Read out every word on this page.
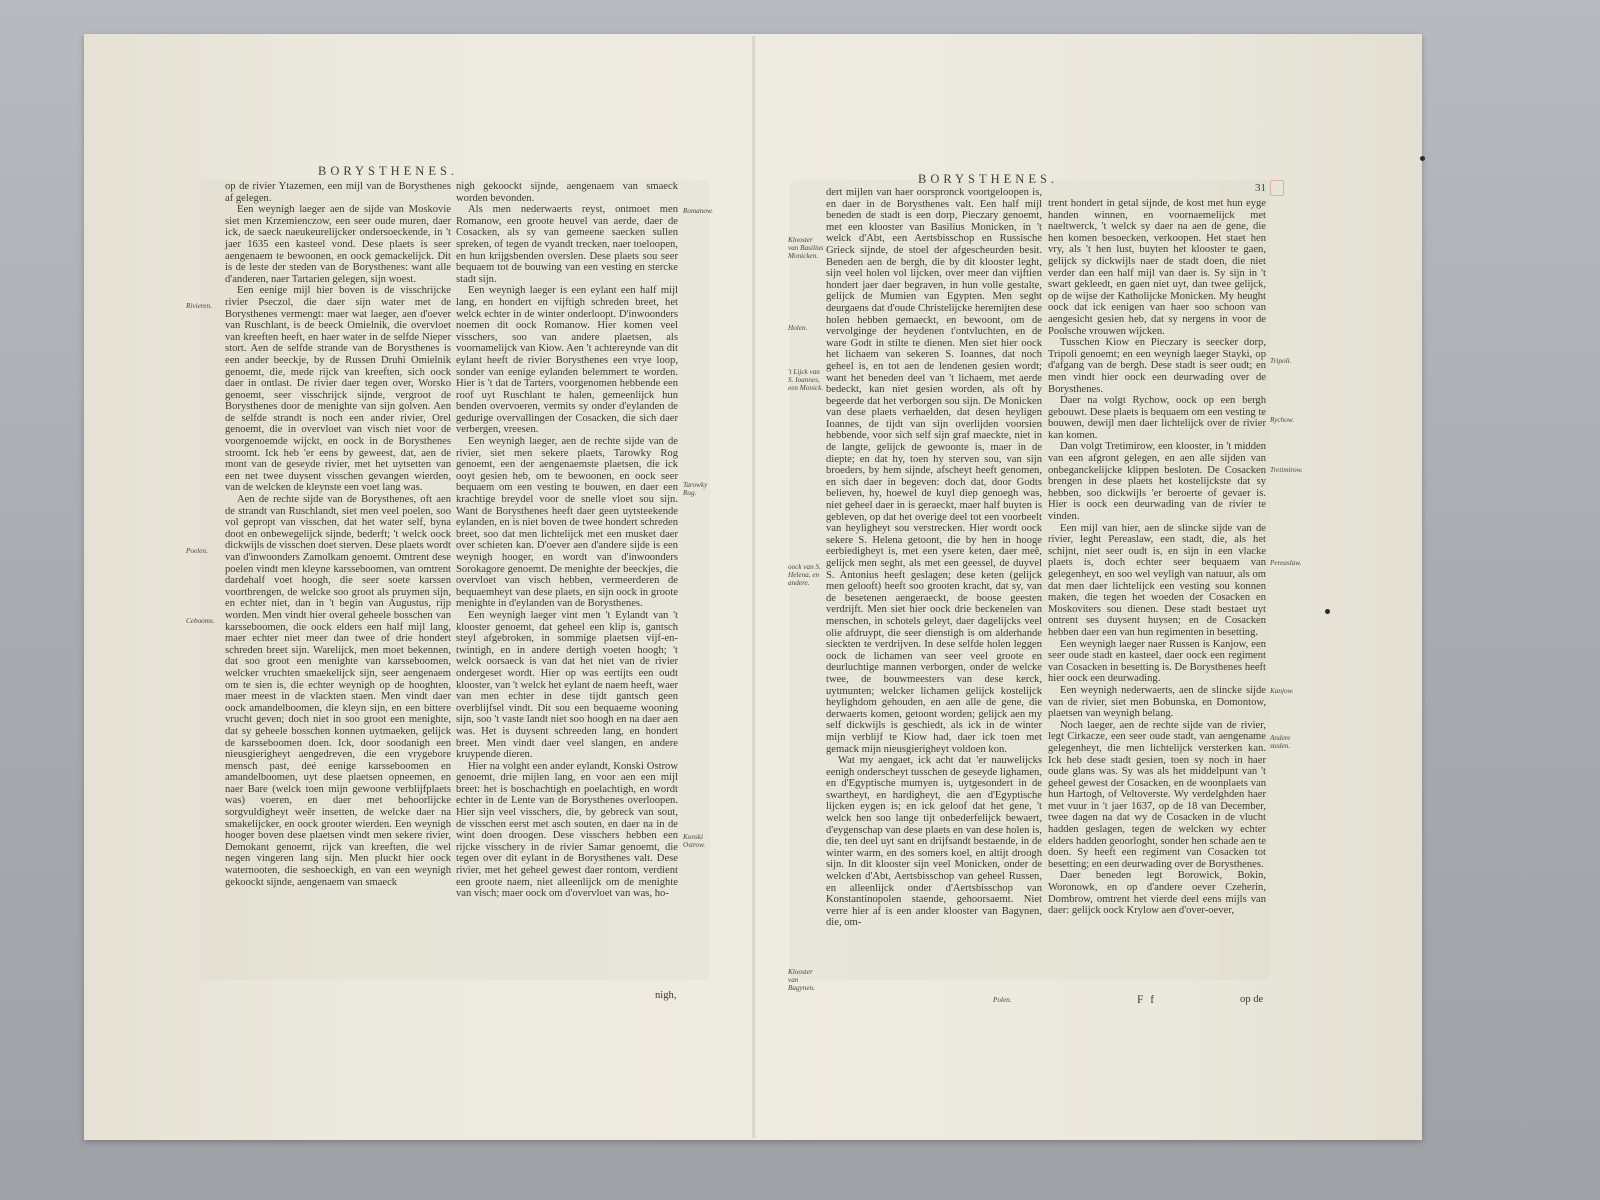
BORYSTHENES.

op de rivier Ytazemen, een mijl van de Borysthenes af gelegen.

Een weynigh laeger aen de sijde van Moskovie siet men Krzemienczow, een seer oude muren, daer ick, de saeck naeukeurelijcker ondersoeckende, in 't jaer 1635 een kasteel vond. Dese plaets is seer aengenaem te bewoonen, en oock gemackelijck. Dit is de leste der steden van de Borysthenes: want alle d'anderen, naer Tartarien gelegen, sijn woest.

Een eenige mijl hier boven is de visschrijcke rivier Pseczol, die daer sijn water met de Borysthenes vermengt: maer wat laeger, aen d'oever van Ruschlant, is de beeck Omielnik, die overvloet van kreeften heeft, en haer water in de selfde Nieper stort. Aen de selfde strande van de Borysthenes is een ander beeckje, by de Russen Druhi Omielnik genoemt, die, mede rijck van kreeften, sich oock daer in ontlast. De rivier daer tegen over, Worsko genoemt, seer visschrijck sijnde, vergroot de Borysthenes door de menighte van sijn golven. Aen de selfde strandt is noch een ander rivier, Orel genoemt, die in overvloet van visch niet voor de voorgenoemde wijckt, en oock in de Borysthenes stroomt. Ick heb 'er eens by geweest, dat, aen de mont van de geseyde rivier, met het uytsetten van een net twee duysent visschen gevangen wierden, van de welcken de kleynste een voet lang was.

Aen de rechte sijde van de Borysthenes, oft aen de strandt van Ruschlandt, siet men veel poelen, soo vol gepropt van visschen, dat het water self, byna doot en onbewegelijck sijnde, bederft; 't welck oock dickwijls de visschen doet sterven. Dese plaets wordt van d'inwoonders Zamolkam genoemt. Omtrent dese poelen vindt men kleyne karsseboomen, van omtrent dardehalf voet hoogh, die seer soete karssen voortbrengen, de welcke soo groot als pruymen sijn, en echter niet, dan in 't begin van Augustus, rijp worden. Men vindt hier overal geheele bosschen van karsseboomen, die oock elders een half mijl lang, maer echter niet meer dan twee of drie hondert schreden breet sijn. Warelijck, men moet bekennen, dat soo groot een menighte van karsseboomen, welcker vruchten smaekelijck sijn, seer aengenaem om te sien is, die echter weynigh op de hooghten, maer meest in de vlackten staen. Men vindt daer oock amandelboomen, die kleyn sijn, en een bittere vrucht geven; doch niet in soo groot een menighte, dat sy geheele bosschen konnen uytmaeken, gelijck de karsseboomen doen. Ick, door soodanigh een nieusgierigheyt aengedreven, die een vrygebore mensch past, deé eenige karsseboomen en amandelboomen, uyt dese plaetsen opneemen, en naer Bare (welck toen mijn gewoone verblijfplaets was) voeren, en daer met behoorlijcke sorgvuldigheyt weêr insetten, de welcke daer na smakelijcker, en oock grooter wierden. Een weynigh hooger boven dese plaetsen vindt men sekere rivier, Demokant genoemt, rijck van kreeften, die wel negen vingeren lang sijn. Men pluckt hier oock waternooten, die seshoeckigh, en van een weynigh gekoockt sijnde, aengenaem van smaeck

nigh gekoockt sijnde, aengenaem van smaeck worden bevonden.

Als men nederwaerts reyst, ontmoet men Romanow, een groote heuvel van aerde, daer de Cosacken, als sy van gemeene saecken sullen spreken, of tegen de vyandt trecken, naer toeloopen, en hun krijgsbenden overslen. Dese plaets sou seer bequaem tot de bouwing van een vesting en stercke stadt sijn.

Een weynigh laeger is een eylant een half mijl lang, en hondert en vijftigh schreden breet, het welck echter in de winter onderloopt. D'inwoonders noemen dit oock Romanow. Hier komen veel visschers, soo van andere plaetsen, als voornamelijck van Kiow. Aen 't achtereynde van dit eylant heeft de rivier Borysthenes een vrye loop, sonder van eenige eylanden belemmert te worden. Hier is 't dat de Tarters, voorgenomen hebbende een roof uyt Ruschlant te halen, gemeenlijck hun benden overvoeren, vermits sy onder d'eylanden de gedurige overvallingen der Cosacken, die sich daer verbergen, vreesen.

Een weynigh laeger, aen de rechte sijde van de rivier, siet men sekere plaets, Tarowky Rog genoemt, een der aengenaemste plaetsen, die ick ooyt gesien heb, om te bewoonen, en oock seer bequaem om een vesting te bouwen, en daer een krachtige breydel voor de snelle vloet sou sijn. Want de Borysthenes heeft daer geen uytsteekende eylanden, en is niet boven de twee hondert schreden breet, soo dat men lichtelijck met een musket daer over schieten kan. D'oever aen d'andere sijde is een weynigh hooger, en wordt van d'inwoonders Sorokagore genoemt. De menighte der beeckjes, die overvloet van visch hebben, vermeerderen de bequaemheyt van dese plaets, en sijn oock in groote menighte in d'eylanden van de Borysthenes.

Een weynigh laeger vint men 't Eylandt van 't klooster genoemt, dat geheel een klip is, gantsch steyl afgebroken, in sommige plaetsen vijf-en-twintigh, en in andere dertigh voeten hoogh; 't welck oorsaeck is van dat het niet van de rivier ondergeset wordt. Hier op was eertijts een oudt klooster, van 't welck het eylant de naem heeft, waer van men echter in dese tijdt gantsch geen overblijfsel vindt. Dit sou een bequaeme wooning sijn, soo 't vaste landt niet soo hoogh en na daer aen was. Het is duysent schreeden lang, en hondert breet. Men vindt daer veel slangen, en andere kruypende dieren.

Hier na volght een ander eylandt, Konski Ostrow genoemt, drie mijlen lang, en voor aen een mijl breet: het is boschachtigh en poelachtigh, en wordt echter in de Lente van de Borysthenes overloopen. Hier sijn veel visschers, die, by gebreck van sout, de visschen eerst met asch souten, en daer na in de wint doen droogen. Dese visschers hebben een rijcke visschery in de rivier Samar genoemt, die tegen over dit eylant in de Borysthenes valt. Dese rivier, met het geheel gewest daer rontom, verdient een groote naem, niet alleenlijck om de menighte van visch; maer oock om d'overvloet van was, ho-

nigh,
Rivieren.
Poelen.
Cebooms.
Romanow.
Tarowky Rog.
Konski Ostrow.
BORYSTHENES.
31

dert mijlen van haer oorspronck voortgeloopen is, en daer in de Borysthenes valt. Een half mijl beneden de stadt is een dorp, Pieczary genoemt, met een klooster van Basilius Monicken, in 't welck d'Abt, een Aertsbisschop en Russische Grieck sijnde, de stoel der afgescheurden besit. Beneden aen de bergh, die by dit klooster leght, sijn veel holen vol lijcken, over meer dan vijftien hondert jaer daer begraven, in hun volle gestalte, gelijck de Mumien van Egypten. Men seght deurgaens dat d'oude Christelijcke heremijten dese holen hebben gemaeckt, en bewoont, om de vervolginge der heydenen t'ontvluchten, en de ware Godt in stilte te dienen. Men siet hier oock het lichaem van sekeren S. Ioannes, dat noch geheel is, en tot aen de lendenen gesien wordt; want het beneden deel van 't lichaem, met aerde bedeckt, kan niet gesien worden, als oft hy begeerde dat het verborgen sou sijn. De Monicken van dese plaets verhaelden, dat desen heyligen Ioannes, de tijdt van sijn overlijden voorsien hebbende, voor sich self sijn graf maeckte, niet in de langte, gelijck de gewoonte is, maer in de diepte; en dat hy, toen hy sterven sou, van sijn broeders, by hem sijnde, afscheyt heeft genomen, en sich daer in begeven: doch dat, door Godts believen, hy, hoewel de kuyl diep genoegh was, niet geheel daer in is geraeckt, maer half buyten is gebleven, op dat het overige deel tot een voorbeelt van heyligheyt sou verstrecken. Hier wordt oock sekere S. Helena getoont, die by hen in hooge eerbiedigheyt is, met een ysere keten, daer meê, gelijck men seght, als met een geessel, de duyvel S. Antonius heeft geslagen; dese keten (gelijck men gelooft) heeft soo grooten kracht, dat sy, van de besetenen aengeraeckt, de boose geesten verdrijft. Men siet hier oock drie beckenelen van menschen, in schotels geleyt, daer dagelijcks veel olie afdruypt, die seer dienstigh is om alderhande sieckten te verdrijven. In dese selfde holen leggen oock de lichamen van seer veel groote en deurluchtige mannen verborgen, onder de welcke twee, de bouwmeesters van dese kerck, uytmunten; welcker lichamen gelijck kostelijck heylighdom gehouden, en aen alle de gene, die derwaerts komen, getoont worden; gelijck aen my self dickwijls is geschiedt, als ick in de winter mijn verblijf te Kiow had, daer ick toen met gemack mijn nieusgierigheyt voldoen kon.

Wat my aengaet, ick acht dat 'er nauwelijcks eenigh onderscheyt tusschen de geseyde lighamen, en d'Egyptische mumyen is, uytgesondert in de swartheyt, en hardigheyt, die aen d'Egyptische lijcken eygen is; en ick geloof dat het gene, 't welck hen soo lange tijt onbederfelijck bewaert, d'eygenschap van dese plaets en van dese holen is, die, ten deel uyt sant en drijfsandt bestaende, in de winter warm, en des somers koel, en altijt droogh sijn. In dit klooster sijn veel Monicken, onder de welcken d'Abt, Aertsbisschop van geheel Russen, en alleenlijck onder d'Aertsbisschop van Konstantinopolen staende, gehoorsaemt. Niet verre hier af is een ander klooster van Bagynen, die, om-

trent hondert in getal sijnde, de kost met hun eyge handen winnen, en voornaemelijck met naeltwerck, 't welck sy daer na aen de gene, die hen komen besoecken, verkoopen. Het staet hen vry, als 't hen lust, buyten het klooster te gaen, gelijck sy dickwijls naer de stadt doen, die niet verder dan een half mijl van daer is. Sy sijn in 't swart gekleedt, en gaen niet uyt, dan twee gelijck, op de wijse der Katholijcke Monicken. My heught oock dat ick eenigen van haer soo schoon van aengesicht gesien heb, dat sy nergens in voor de Poolsche vrouwen wijcken.

Tusschen Kiow en Pieczary is seecker dorp, Tripoli genoemt; en een weynigh laeger Stayki, op d'afgang van de bergh. Dese stadt is seer oudt; en men vindt hier oock een deurwading over de Borysthenes.

Daer na volgt Rychow, oock op een bergh gebouwt. Dese plaets is bequaem om een vesting te bouwen, dewijl men daer lichtelijck over de rivier kan komen.

Dan volgt Tretimirow, een klooster, in 't midden van een afgront gelegen, en aen alle sijden van onbeganckelijcke klippen besloten. De Cosacken brengen in dese plaets het kostelijckste dat sy hebben, soo dickwijls 'er beroerte of gevaer is. Hier is oock een deurwading van de rivier te vinden.

Een mijl van hier, aen de slincke sijde van de rivier, leght Pereaslaw, een stadt, die, als het schijnt, niet seer oudt is, en sijn in een vlacke plaets is, doch echter seer bequaem van gelegenheyt, en soo wel veyligh van natuur, als om dat men daer lichtelijck een vesting sou konnen maken, die tegen het woeden der Cosacken en Moskoviters sou dienen. Dese stadt bestaet uyt ontrent ses duysent huysen; en de Cosacken hebben daer een van hun regimenten in besetting.

Een weynigh laeger naer Russen is Kanjow, een seer oude stadt en kasteel, daer oock een regiment van Cosacken in besetting is. De Borysthenes heeft hier oock een deurwading.

Een weynigh nederwaerts, aen de slincke sijde van de rivier, siet men Bobunska, en Domontow, plaetsen van weynigh belang.

Noch laeger, aen de rechte sijde van de rivier, legt Cirkacze, een seer oude stadt, van aengename gelegenheyt, die men lichtelijck versterken kan. Ick heb dese stadt gesien, toen sy noch in haer oude glans was. Sy was als het middelpunt van 't geheel gewest der Cosacken, en de woonplaets van hun Hartogh, of Veltoverste. Wy verdelghden haer met vuur in 't jaer 1637, op de 18 van December, twee dagen na dat wy de Cosacken in de vlucht hadden geslagen, tegen de welcken wy echter elders hadden geoorloght, sonder hen schade aen te doen. Sy heeft een regiment van Cosacken tot besetting; en een deurwading over de Borysthenes.

Daer beneden legt Borowick, Bokin, Woronowk, en op d'andere oever Czeherin, Dombrow, omtrent het vierde deel eens mijls van daer: gelijck oock Krylow aen d'over-oever,

F f	op de
Klooster van Basilius Monicken.
Holen.
't Lijck van S. Ioannes, een Monick.
oock van S. Helena, en andere.
Klooster van Bagynen.
Polen.
Tripoli.
Rychow.
Tretimirow.
Pereaslaw.
Kanjow.
Andere steden.
